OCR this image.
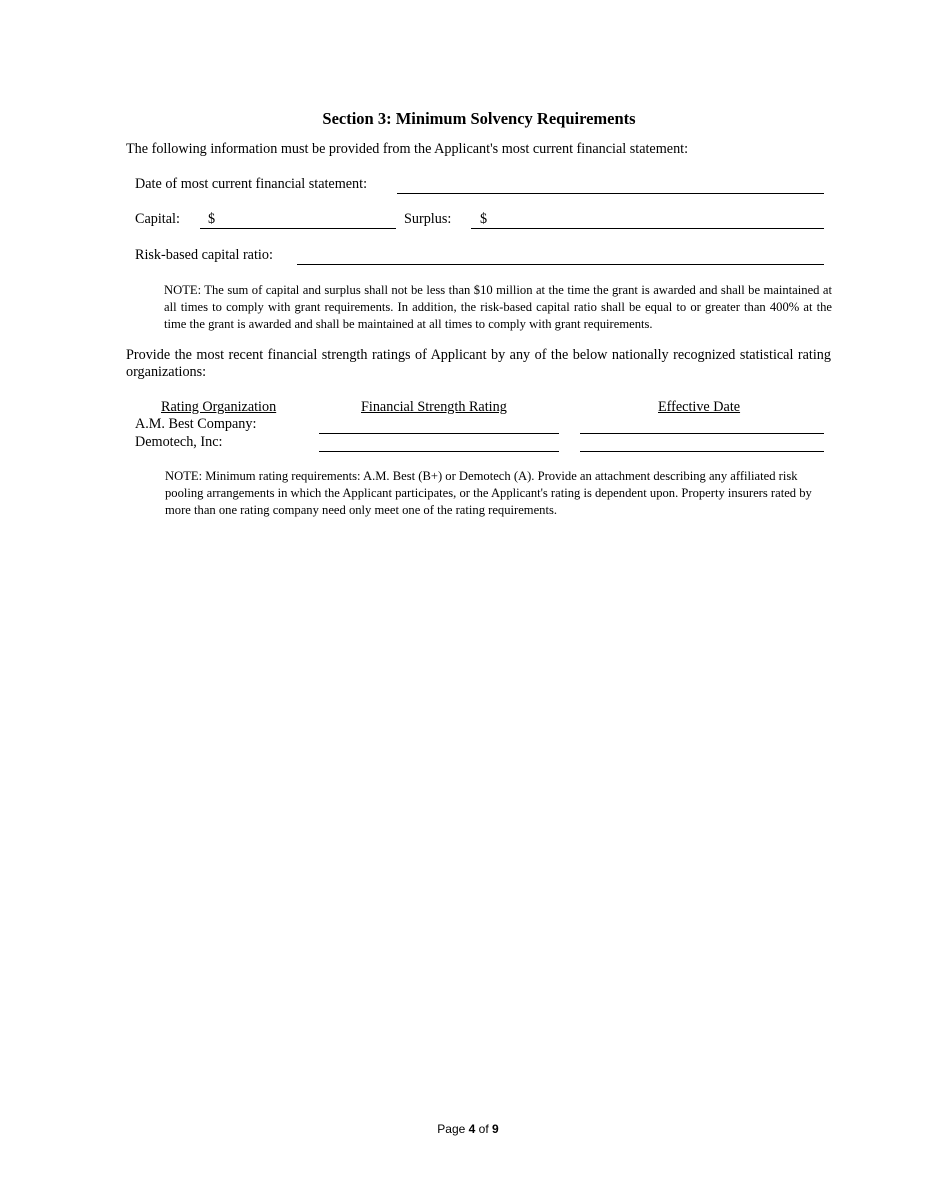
Section 3: Minimum Solvency Requirements
The following information must be provided from the Applicant's most current financial statement:
Date of most current financial statement:
Capital: $	Surplus: $
Risk-based capital ratio:
NOTE: The sum of capital and surplus shall not be less than $10 million at the time the grant is awarded and shall be maintained at all times to comply with grant requirements. In addition, the risk-based capital ratio shall be equal to or greater than 400% at the time the grant is awarded and shall be maintained at all times to comply with grant requirements.
Provide the most recent financial strength ratings of Applicant by any of the below nationally recognized statistical rating organizations:
Rating Organization	Financial Strength Rating	Effective Date
A.M. Best Company:
Demotech, Inc:
NOTE: Minimum rating requirements: A.M. Best (B+) or Demotech (A). Provide an attachment describing any affiliated risk pooling arrangements in which the Applicant participates, or the Applicant's rating is dependent upon. Property insurers rated by more than one rating company need only meet one of the rating requirements.
Page 4 of 9
